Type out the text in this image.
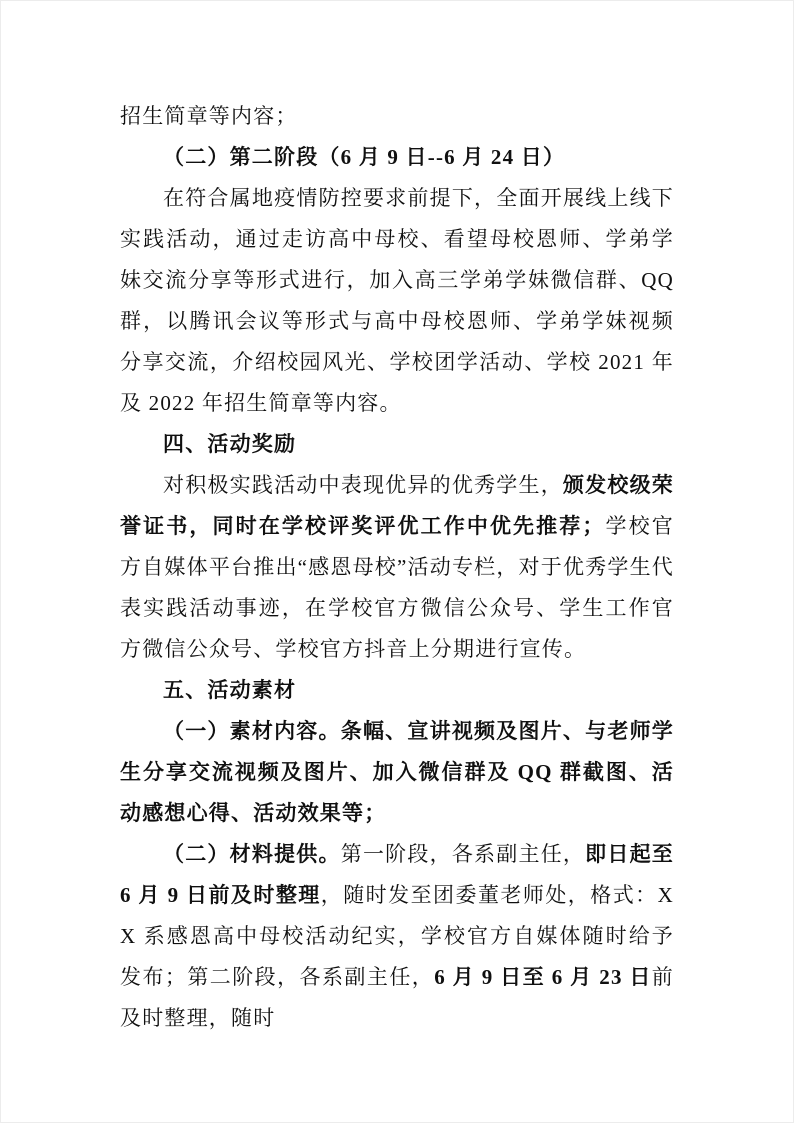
招生简章等内容；

（二）第二阶段（6 月 9 日--6 月 24 日）

在符合属地疫情防控要求前提下，全面开展线上线下实践活动，通过走访高中母校、看望母校恩师、学弟学妹交流分享等形式进行，加入高三学弟学妹微信群、QQ 群，以腾讯会议等形式与高中母校恩师、学弟学妹视频分享交流，介绍校园风光、学校团学活动、学校 2021 年及 2022 年招生简章等内容。

四、活动奖励

对积极实践活动中表现优异的优秀学生，颁发校级荣誉证书，同时在学校评奖评优工作中优先推荐；学校官方自媒体平台推出“感恩母校”活动专栏，对于优秀学生代表实践活动事迹，在学校官方微信公众号、学生工作官方微信公众号、学校官方抖音上分期进行宣传。

五、活动素材

（一）素材内容。条幅、宣讲视频及图片、与老师学生分享交流视频及图片、加入微信群及 QQ 群截图、活动感想心得、活动效果等；

（二）材料提供。第一阶段，各系副主任，即日起至 6 月 9 日前及时整理，随时发至团委董老师处，格式：XX 系感恩高中母校活动纪实，学校官方自媒体随时给予发布；第二阶段，各系副主任，6 月 9 日至 6 月 23 日前及时整理，随时
